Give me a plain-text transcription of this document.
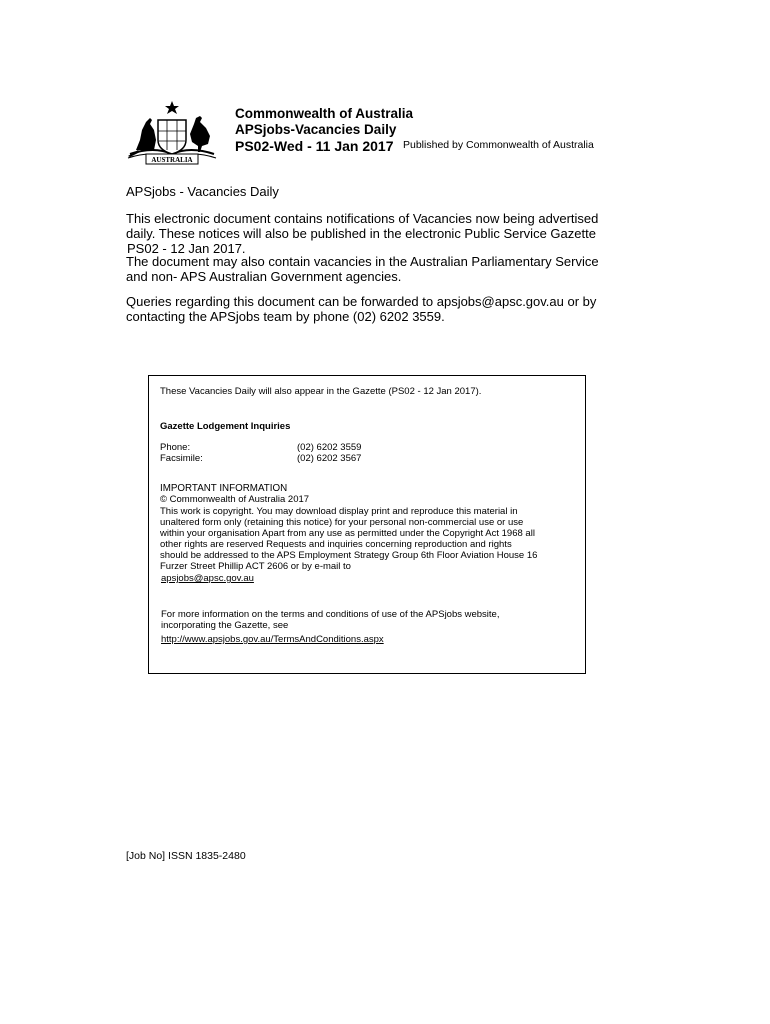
AUSTRALIA
Commonwealth of Australia
APSjobs-Vacancies Daily
PS02-Wed - 11 Jan 2017 Published by Commonwealth of Australia
APSjobs - Vacancies Daily
This electronic document contains notifications of Vacancies now being advertised
daily. These notices will also be published in the electronic Public Service Gazette
PS02 - 12 Jan 2017.
The document may also contain vacancies in the Australian Parliamentary Service
and non- APS Australian Government agencies.
Queries regarding this document can be forwarded to apsjobs@apsc.gov.au or by
contacting the APSjobs team by phone (02) 6202 3559.
These Vacancies Daily will also appear in the Gazette (PS02 - 12 Jan 2017).
Gazette Lodgement Inquiries
Phone:	(02) 6202 3559
Facsimile:	(02) 6202 3567
IMPORTANT INFORMATION
© Commonwealth of Australia 2017
This work is copyright. You may download display print and reproduce this material in
unaltered form only (retaining this notice) for your personal non-commercial use or use
within your organisation Apart from any use as permitted under the Copyright Act 1968 all
other rights are reserved Requests and inquiries concerning reproduction and rights
should be addressed to the APS Employment Strategy Group 6th Floor Aviation House 16
Furzer Street Phillip ACT 2606 or by e-mail to
apsjobs@apsc.gov.au
For more information on the terms and conditions of use of the APSjobs website,
incorporating the Gazette, see
http://www.apsjobs.gov.au/TermsAndConditions.aspx
[Job No] ISSN 1835-2480
